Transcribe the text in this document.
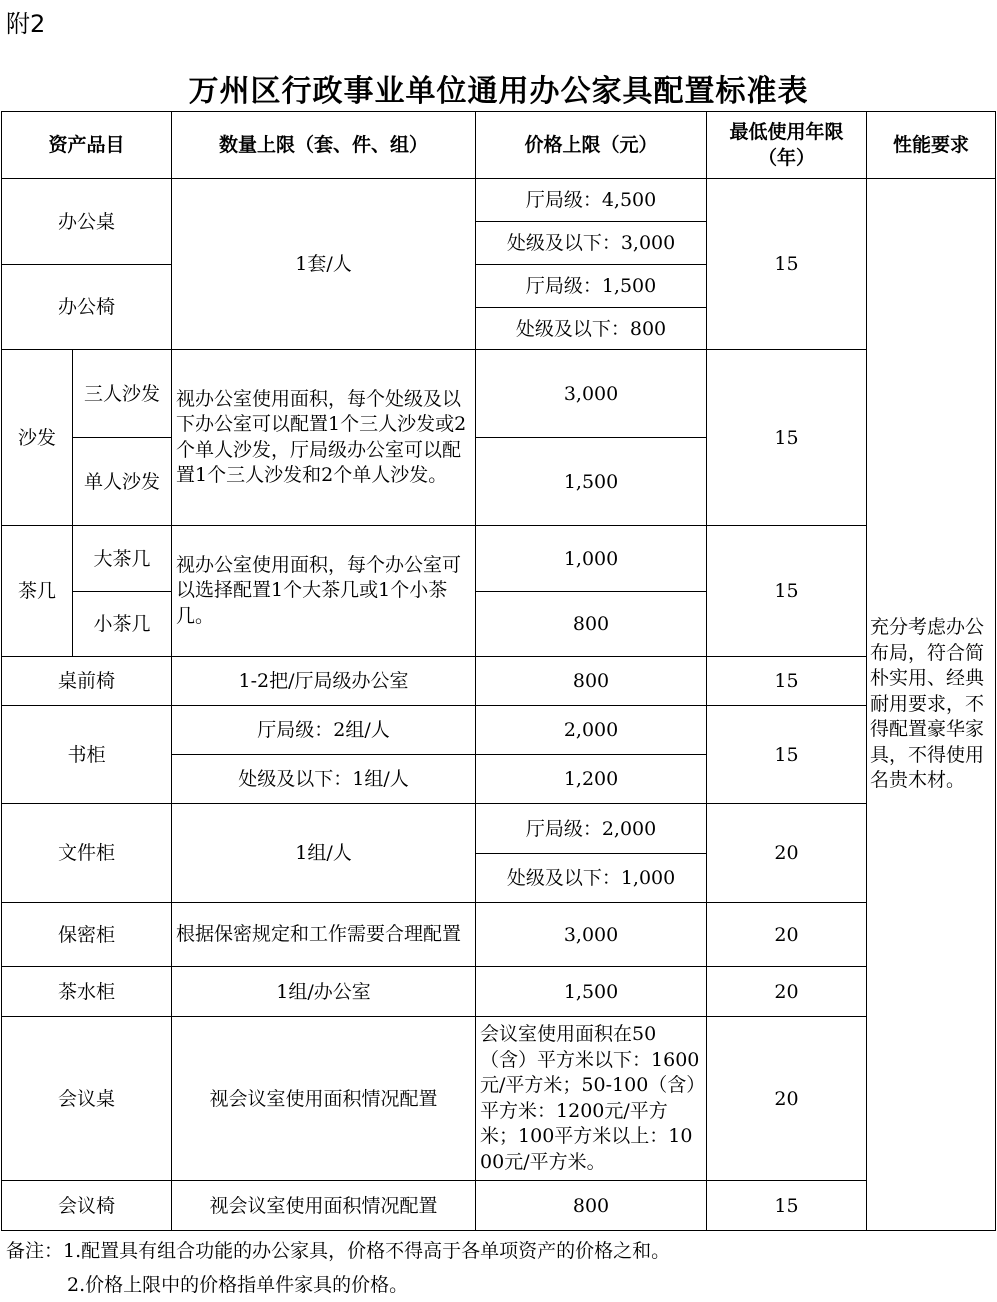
附2
万州区行政事业单位通用办公家具配置标准表
资产品目		数量上限（套、件、组）	价格上限（元）	最低使用年限（年）	性能要求
办公桌		1套/人	厅局级：4,500	15	充分考虑办公布局，符合简朴实用、经典耐用要求，不得配置豪华家具，不得使用名贵木材。
			处级及以下：3,000		
办公椅			厅局级：1,500		
			处级及以下：800		
沙发	三人沙发	视办公室使用面积，每个处级及以下办公室可以配置1个三人沙发或2个单人沙发，厅局级办公室可以配置1个三人沙发和2个单人沙发。	3,000	15	
	单人沙发		1,500		
茶几	大茶几	视办公室使用面积，每个办公室可以选择配置1个大茶几或1个小茶几。	1,000	15	
	小茶几		800		
桌前椅		1-2把/厅局级办公室	800	15	
书柜		厅局级：2组/人	2,000	15	
		处级及以下：1组/人	1,200		
文件柜		1组/人	厅局级：2,000	20	
			处级及以下：1,000		
保密柜		根据保密规定和工作需要合理配置	3,000	20	
茶水柜		1组/办公室	1,500	20	
会议桌		视会议室使用面积情况配置	会议室使用面积在50（含）平方米以下：1600元/平方米；50-100（含）平方米：1200元/平方米；100平方米以上：1000元/平方米。	20	
会议椅		视会议室使用面积情况配置	800	15	
备注：1.配置具有组合功能的办公家具，价格不得高于各单项资产的价格之和。
2.价格上限中的价格指单件家具的价格。
